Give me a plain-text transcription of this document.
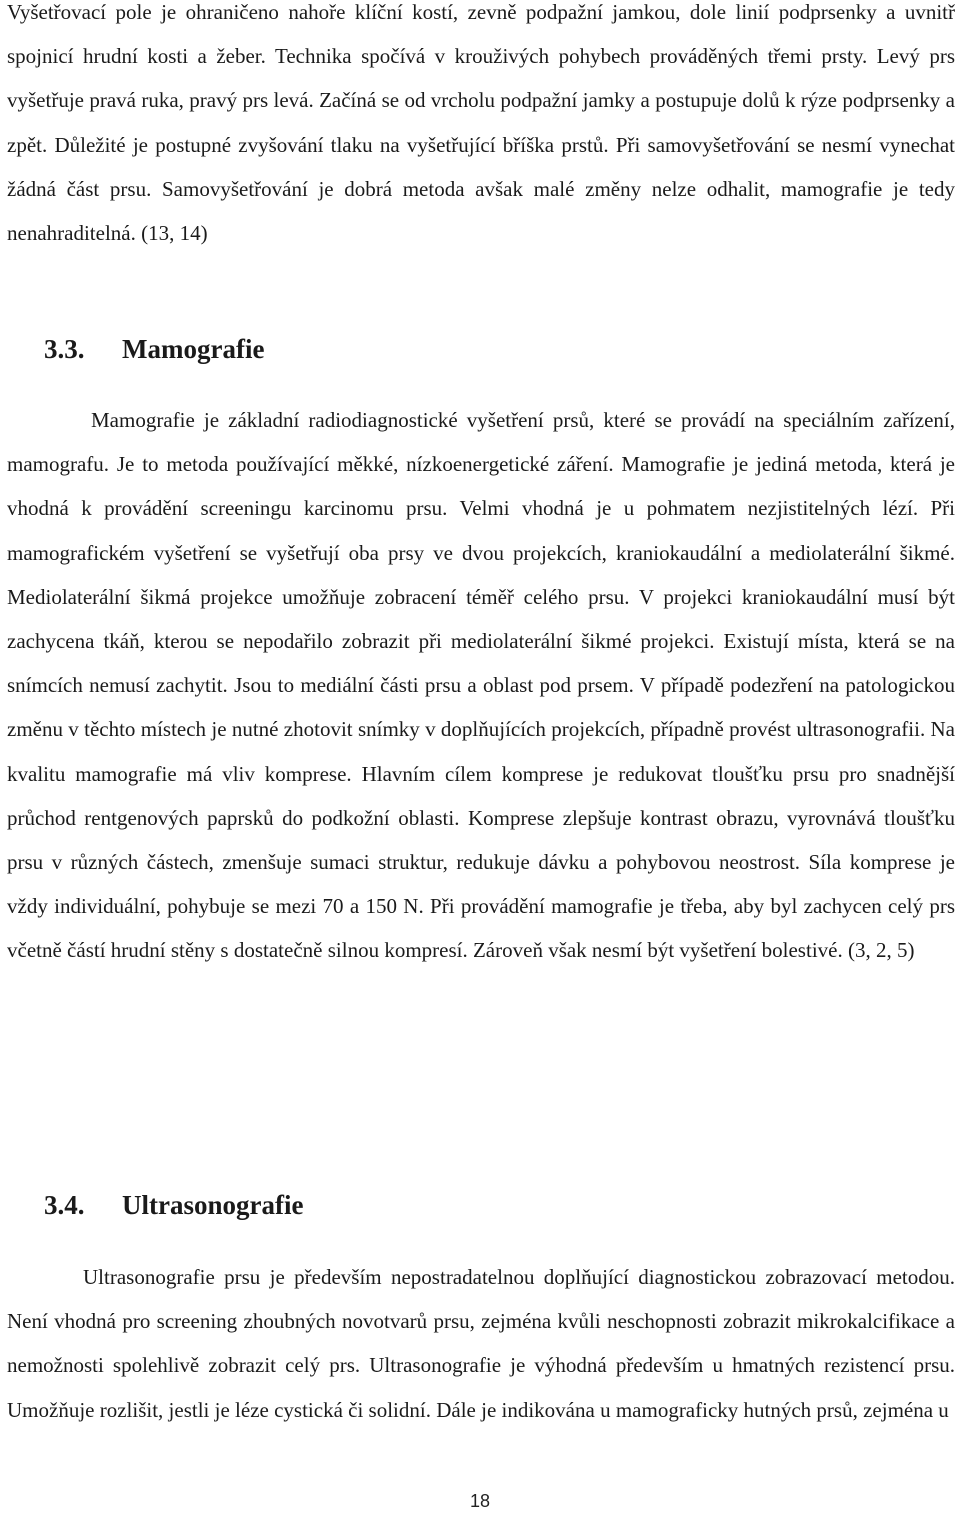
Vyšetřovací pole je ohraničeno nahoře klíční kostí, zevně podpažní jamkou, dole linií podprsenky a uvnitř spojnicí hrudní kosti a žeber. Technika spočívá v krouživých pohybech prováděných třemi prsty. Levý prs vyšetřuje pravá ruka, pravý prs levá. Začíná se od vrcholu podpažní jamky a postupuje dolů k rýze podprsenky a zpět. Důležité je postupné zvyšování tlaku na vyšetřující bříška prstů. Při samovyšetřování se nesmí vynechat žádná část prsu. Samovyšetřování je dobrá metoda avšak malé změny nelze odhalit, mamografie je tedy nenahraditelná. (13, 14)

3.3. Mamografie

Mamografie je základní radiodiagnostické vyšetření prsů, které se provádí na speciálním zařízení, mamografu. Je to metoda používající měkké, nízkoenergetické záření. Mamografie je jediná metoda, která je vhodná k provádění screeningu karcinomu prsu. Velmi vhodná je u pohmatem nezjistitelných lézí. Při mamografickém vyšetření se vyšetřují oba prsy ve dvou projekcích, kraniokaudální a mediolaterální šikmé. Mediolaterální šikmá projekce umožňuje zobracení téměř celého prsu. V projekci kraniokaudální musí být zachycena tkáň, kterou se nepodařilo zobrazit při mediolaterální šikmé projekci. Existují místa, která se na snímcích nemusí zachytit. Jsou to mediální části prsu a oblast pod prsem. V případě podezření na patologickou změnu v těchto místech je nutné zhotovit snímky v doplňujících projekcích, případně provést ultrasonografii. Na kvalitu mamografie má vliv komprese. Hlavním cílem komprese je redukovat tloušťku prsu pro snadnější průchod rentgenových paprsků do podkožní oblasti. Komprese zlepšuje kontrast obrazu, vyrovnává tloušťku prsu v různých částech, zmenšuje sumaci struktur, redukuje dávku a pohybovou neostrost. Síla komprese je vždy individuální, pohybuje se mezi 70 a 150 N. Při provádění mamografie je třeba, aby byl zachycen celý prs včetně částí hrudní stěny s dostatečně silnou kompresí. Zároveň však nesmí být vyšetření bolestivé. (3, 2, 5)

3.4. Ultrasonografie

Ultrasonografie prsu je především nepostradatelnou doplňující diagnostickou zobrazovací metodou. Není vhodná pro screening zhoubných novotvarů prsu, zejména kvůli neschopnosti zobrazit mikrokalcifikace a nemožnosti spolehlivě zobrazit celý prs. Ultrasonografie je výhodná především u hmatných rezistencí prsu. Umožňuje rozlišit, jestli je léze cystická či solidní. Dále je indikována u mamograficky hutných prsů, zejména u

18
